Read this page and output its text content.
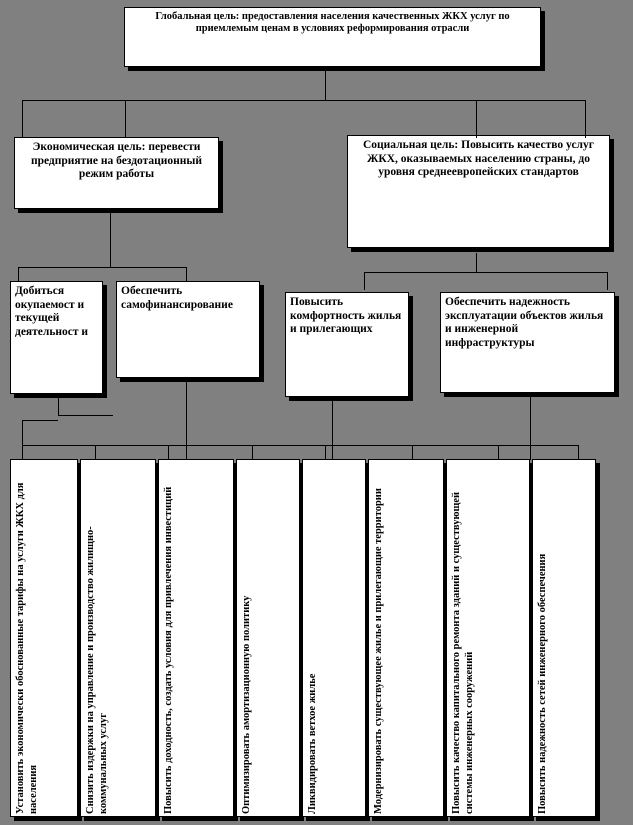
Глобальная цель: предоставления населения качественных ЖКХ услуг по приемлемым ценам в условиях реформирования отрасли
Экономическая цель: перевести предприятие на бездотационный режим работы
Социальная цель: Повысить качество услуг ЖКХ, оказываемых населению страны, до уровня среднеевропейских стандартов
Добиться окупаемост и текущей деятельност и
Обеспечить самофинансирование	Повысить комфортность жилья и прилегающих
Обеспечить надежность эксплуатации объектов жилья и инженерной инфраструктуры
Установить экономически обоснованные тарифы на услуги ЖКХ для населения	Снизить издержки на управление и производство жилищно-коммунальных услуг	Повысить доходность, создать условия для привлечения инвестиций	Оптимизировать амортизационную политику	Ликвидировать ветхое жилье	Модернизировать существующее жилье и прилегающие территории	Повысить качество капитального ремонта зданий и существующей системы инженерных сооружений	Повысить надежность сетей инженерного обеспечения
